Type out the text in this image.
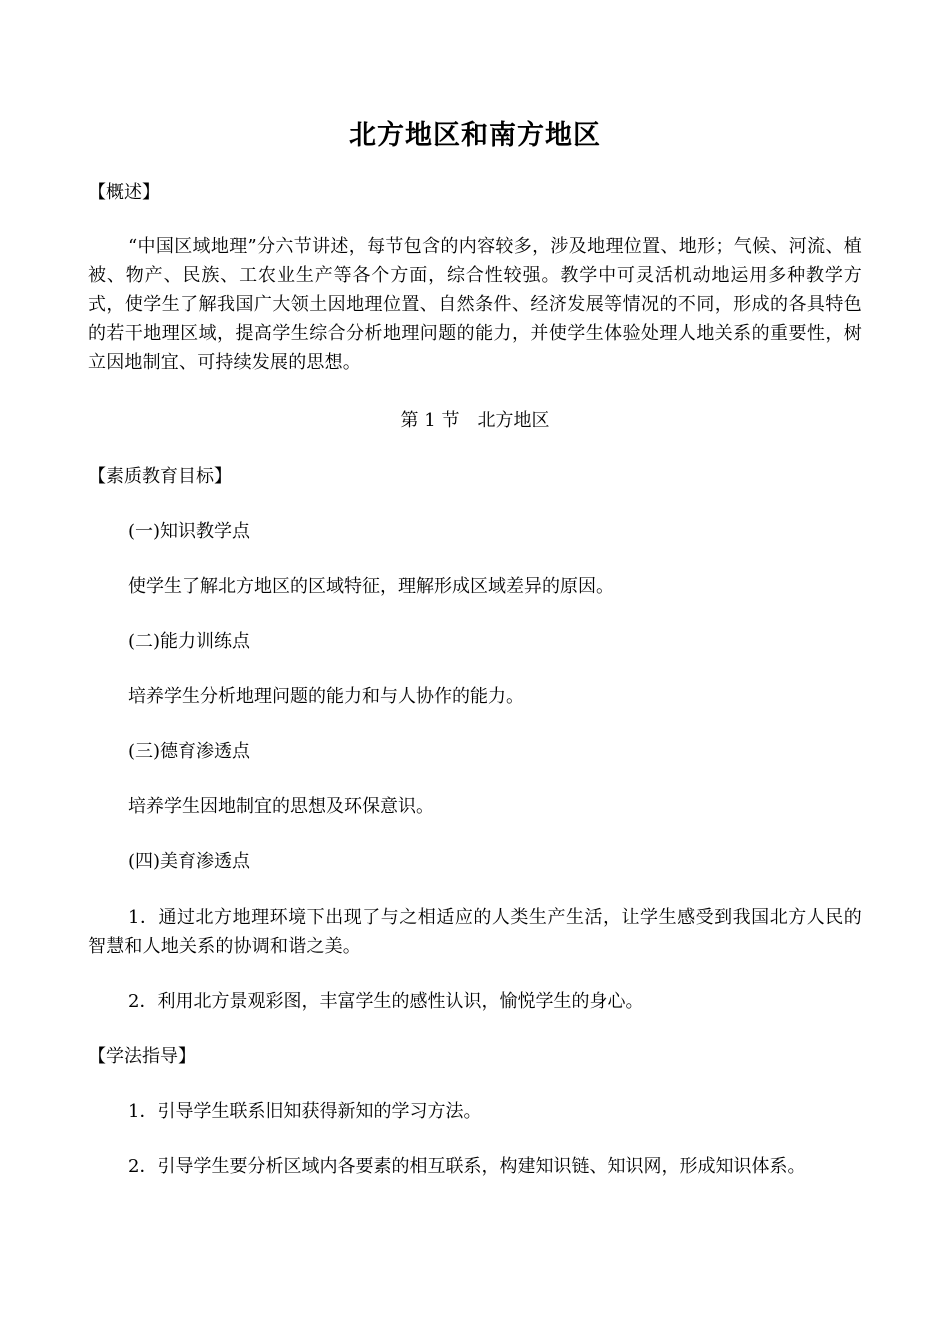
北方地区和南方地区
【概述】
“中国区域地理”分六节讲述，每节包含的内容较多，涉及地理位置、地形；气候、河流、植被、物产、民族、工农业生产等各个方面，综合性较强。教学中可灵活机动地运用多种教学方式，使学生了解我国广大领土因地理位置、自然条件、经济发展等情况的不同，形成的各具特色的若干地理区域，提高学生综合分析地理问题的能力，并使学生体验处理人地关系的重要性，树立因地制宜、可持续发展的思想。
第 1 节　北方地区
【素质教育目标】
(一)知识教学点
使学生了解北方地区的区域特征，理解形成区域差异的原因。
(二)能力训练点
培养学生分析地理问题的能力和与人协作的能力。
(三)德育渗透点
培养学生因地制宜的思想及环保意识。
(四)美育渗透点
1．通过北方地理环境下出现了与之相适应的人类生产生活，让学生感受到我国北方人民的智慧和人地关系的协调和谐之美。
2．利用北方景观彩图，丰富学生的感性认识，愉悦学生的身心。
【学法指导】
1．引导学生联系旧知获得新知的学习方法。
2．引导学生要分析区域内各要素的相互联系，构建知识链、知识网，形成知识体系。
